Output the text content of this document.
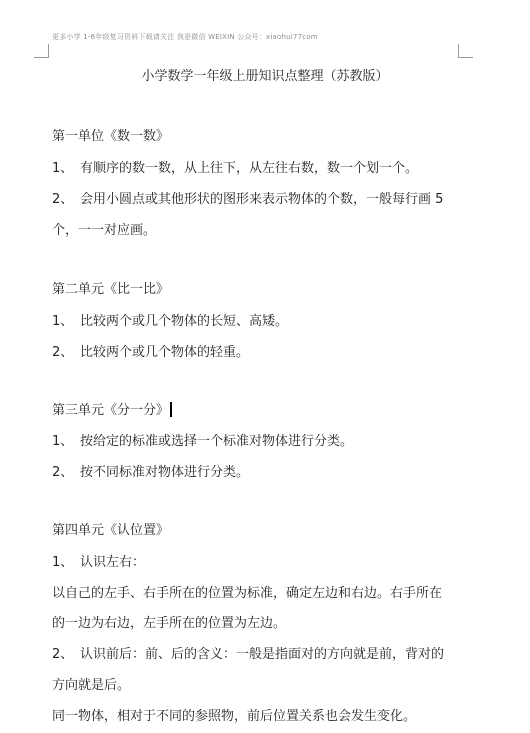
更多小学 1-6年级复习资料下载请关注 我是微信 WEIXIN 公众号：xiaohui77com
小学数学一年级上册知识点整理（苏教版）
第一单位《数一数》
1、 有顺序的数一数，从上往下，从左往右数，数一个划一个。
2、 会用小圆点或其他形状的图形来表示物体的个数，一般每行画 5
个，一一对应画。
第二单元《比一比》
1、 比较两个或几个物体的长短、高矮。
2、 比较两个或几个物体的轻重。
第三单元《分一分》
1、 按给定的标准或选择一个标准对物体进行分类。
2、 按不同标准对物体进行分类。
第四单元《认位置》
1、 认识左右：
以自己的左手、右手所在的位置为标准，确定左边和右边。右手所在
的一边为右边，左手所在的位置为左边。
2、 认识前后：前、后的含义：一般是指面对的方向就是前，背对的
方向就是后。
同一物体，相对于不同的参照物，前后位置关系也会发生变化。
